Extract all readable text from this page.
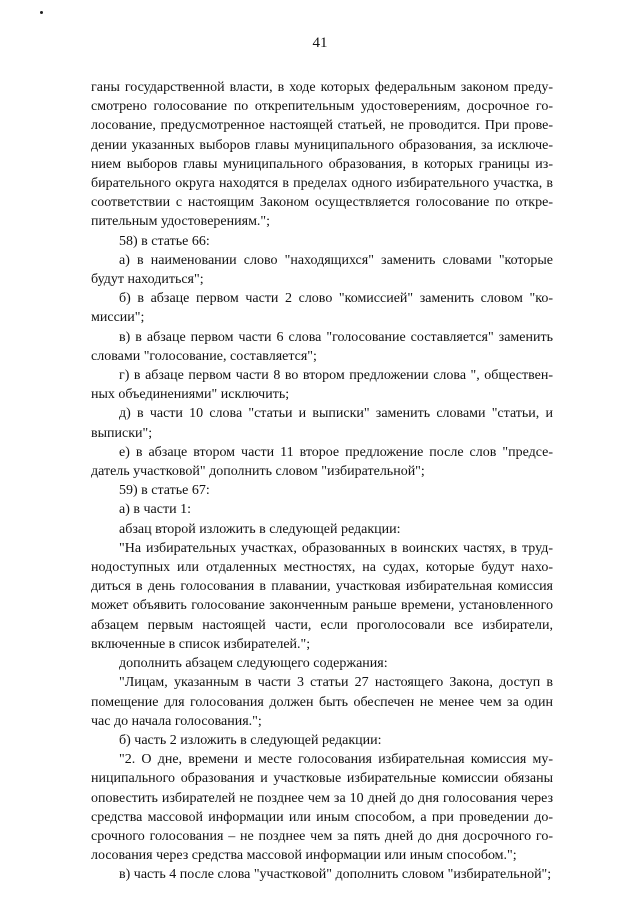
41

ганы государственной власти, в ходе которых федеральным законом предусмотрено голосование по открепительным удостоверениям, досрочное голосование, предусмотренное настоящей статьей, не проводится. При проведении указанных выборов главы муниципального образования, за исключением выборов главы муниципального образования, в которых границы избирательного округа находятся в пределах одного избирательного участка, в соответствии с настоящим Законом осуществляется голосование по открепительным удостоверениям.";

58) в статье 66:

а) в наименовании слово "находящихся" заменить словами "которые будут находиться";

б) в абзаце первом части 2 слово "комиссией" заменить словом "комиссии";

в) в абзаце первом части 6 слова "голосование составляется" заменить словами "голосование, составляется";

г) в абзаце первом части 8 во втором предложении слова ", общественных объединениями" исключить;

д) в части 10 слова "статьи и выписки" заменить словами "статьи, и выписки";

е) в абзаце втором части 11 второе предложение после слов "председатель участковой" дополнить словом "избирательной";

59) в статье 67:

а) в части 1:

абзац второй изложить в следующей редакции:

"На избирательных участках, образованных в воинских частях, в труднодоступных или отдаленных местностях, на судах, которые будут находиться в день голосования в плавании, участковая избирательная комиссия может объявить голосование законченным раньше времени, установленного абзацем первым настоящей части, если проголосовали все избиратели, включенные в список избирателей.";

дополнить абзацем следующего содержания:

"Лицам, указанным в части 3 статьи 27 настоящего Закона, доступ в помещение для голосования должен быть обеспечен не менее чем за один час до начала голосования.";

б) часть 2 изложить в следующей редакции:

"2. О дне, времени и месте голосования избирательная комиссия муниципального образования и участковые избирательные комиссии обязаны оповестить избирателей не позднее чем за 10 дней до дня голосования через средства массовой информации или иным способом, а при проведении досрочного голосования – не позднее чем за пять дней до дня досрочного голосования через средства массовой информации или иным способом.";

в) часть 4 после слова "участковой" дополнить словом "избирательной";
